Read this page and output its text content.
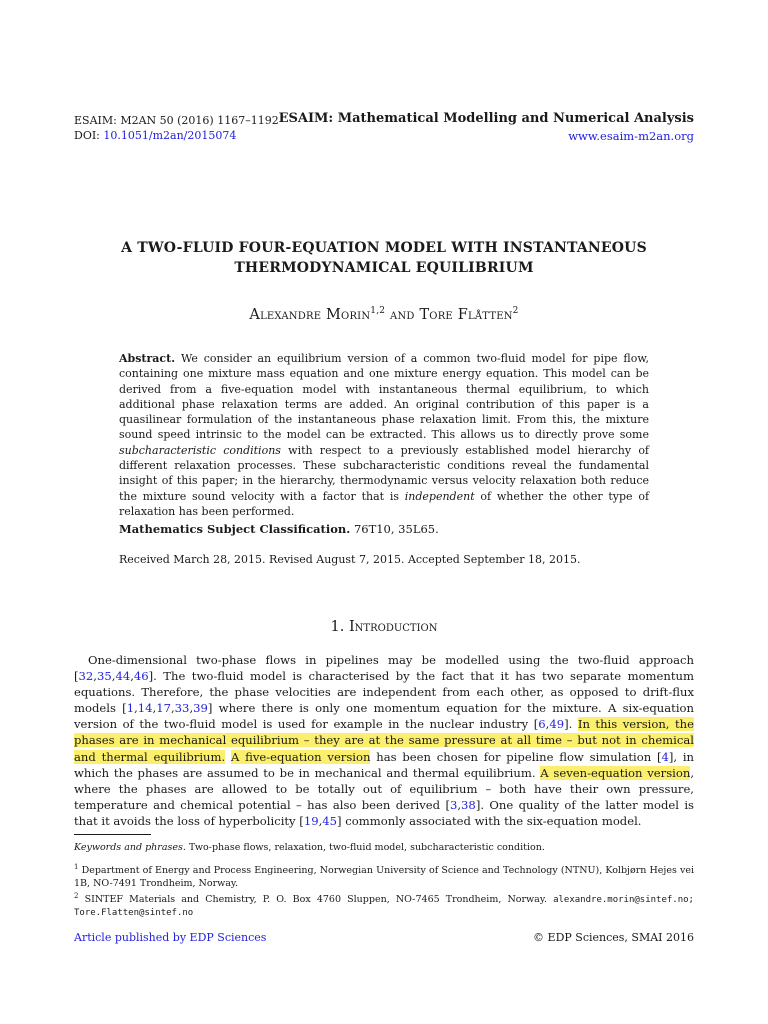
ESAIM: M2AN 50 (2016) 1167–1192
DOI: 10.1051/m2an/2015074
ESAIM: Mathematical Modelling and Numerical Analysis
www.esaim-m2an.org
A TWO-FLUID FOUR-EQUATION MODEL WITH INSTANTANEOUS
THERMODYNAMICAL EQUILIBRIUM
Alexandre Morin$^{1,2}$ and Tore Flåtten$^2$
Abstract. We consider an equilibrium version of a common two-fluid model for pipe flow, containing one mixture mass equation and one mixture energy equation. This model can be derived from a five-equation model with instantaneous thermal equilibrium, to which additional phase relaxation terms are added. An original contribution of this paper is a quasilinear formulation of the instantaneous phase relaxation limit. From this, the mixture sound speed intrinsic to the model can be extracted. This allows us to directly prove some subcharacteristic conditions with respect to a previously established model hierarchy of different relaxation processes. These subcharacteristic conditions reveal the fundamental insight of this paper; in the hierarchy, thermodynamic versus velocity relaxation both reduce the mixture sound velocity with a factor that is independent of whether the other type of relaxation has been performed.
Mathematics Subject Classification. 76T10, 35L65.
Received March 28, 2015. Revised August 7, 2015. Accepted September 18, 2015.
1. Introduction
One-dimensional two-phase flows in pipelines may be modelled using the two-fluid approach [32,35,44,46]. The two-fluid model is characterised by the fact that it has two separate momentum equations. Therefore, the phase velocities are independent from each other, as opposed to drift-flux models [1,14,17,33,39] where there is only one momentum equation for the mixture. A six-equation version of the two-fluid model is used for example in the nuclear industry [6,49]. In this version, the phases are in mechanical equilibrium – they are at the same pressure at all time – but not in chemical and thermal equilibrium. A five-equation version has been chosen for pipeline flow simulation [4], in which the phases are assumed to be in mechanical and thermal equilibrium. A seven-equation version, where the phases are allowed to be totally out of equilibrium – both have their own pressure, temperature and chemical potential – has also been derived [3,38]. One quality of the latter model is that it avoids the loss of hyperbolicity [19,45] commonly associated with the six-equation model.
Keywords and phrases. Two-phase flows, relaxation, two-fluid model, subcharacteristic condition.
$^1$ Department of Energy and Process Engineering, Norwegian University of Science and Technology (NTNU), Kolbjørn Hejes vei 1B, NO-7491 Trondheim, Norway.
$^2$ SINTEF Materials and Chemistry, P. O. Box 4760 Sluppen, NO-7465 Trondheim, Norway. alexandre.morin@sintef.no; Tore.Flatten@sintef.no
Article published by EDP Sciences	© EDP Sciences, SMAI 2016
